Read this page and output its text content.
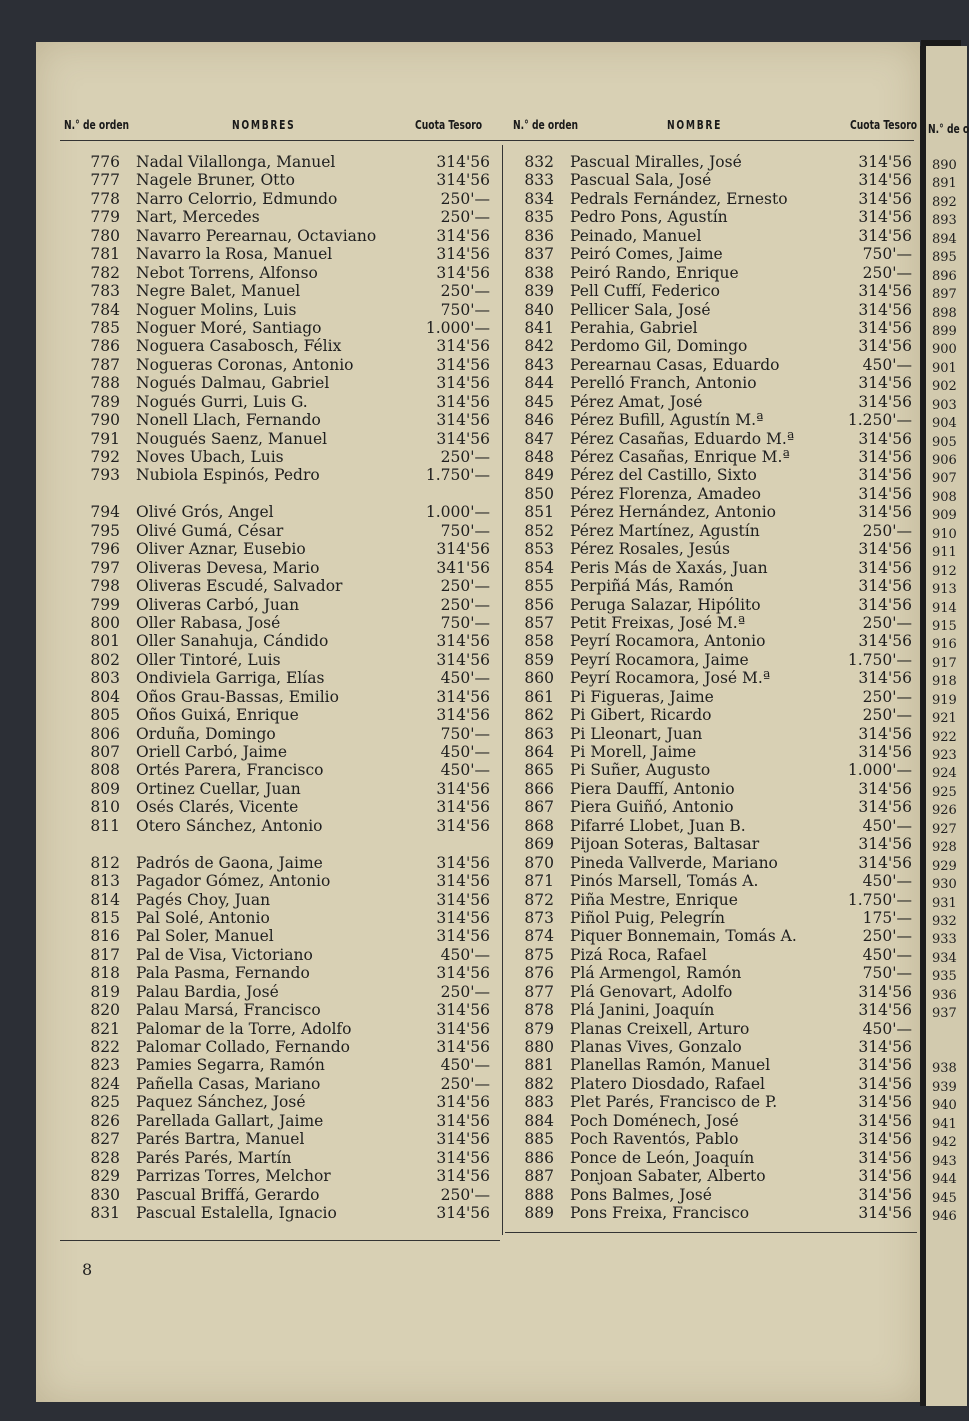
N.° de o
890
891
892
893
894
895
896
897
898
899
900
901
902
903
904
905
906
907
908
909
910
911
912
913
914
915
916
917
918
919
921
922
923
924
925
926
927
928
929
930
931
932
933
934
935
936
937
938
939
940
941
942
943
944
945
946
N.° de orden	NOMBRES	Cuota Tesoro	N.° de orden	NOMBRE	Cuota Tesoro
776 Nadal Vilallonga, Manuel	314'56
777 Nagele Bruner, Otto	314'56
778 Narro Celorrio, Edmundo	250'—
779 Nart, Mercedes	250'—
780 Navarro Perearnau, Octaviano	314'56
781 Navarro la Rosa, Manuel	314'56
782 Nebot Torrens, Alfonso	314'56
783 Negre Balet, Manuel	250'—
784 Noguer Molins, Luis	750'—
785 Noguer Moré, Santiago	1.000'—
786 Noguera Casabosch, Félix	314'56
787 Nogueras Coronas, Antonio	314'56
788 Nogués Dalmau, Gabriel	314'56
789 Nogués Gurri, Luis G.	314'56
790 Nonell Llach, Fernando	314'56
791 Nougués Saenz, Manuel	314'56
792 Noves Ubach, Luis	250'—
793 Nubiola Espinós, Pedro	1.750'—
794 Olivé Grós, Angel	1.000'—
795 Olivé Gumá, César	750'—
796 Oliver Aznar, Eusebio	314'56
797 Oliveras Devesa, Mario	341'56
798 Oliveras Escudé, Salvador	250'—
799 Oliveras Carbó, Juan	250'—
800 Oller Rabasa, José	750'—
801 Oller Sanahuja, Cándido	314'56
802 Oller Tintoré, Luis	314'56
803 Ondiviela Garriga, Elías	450'—
804 Oños Grau-Bassas, Emilio	314'56
805 Oños Guixá, Enrique	314'56
806 Orduña, Domingo	750'—
807 Oriell Carbó, Jaime	450'—
808 Ortés Parera, Francisco	450'—
809 Ortinez Cuellar, Juan	314'56
810 Osés Clarés, Vicente	314'56
811 Otero Sánchez, Antonio	314'56
812 Padrós de Gaona, Jaime	314'56
813 Pagador Gómez, Antonio	314'56
814 Pagés Choy, Juan	314'56
815 Pal Solé, Antonio	314'56
816 Pal Soler, Manuel	314'56
817 Pal de Visa, Victoriano	450'—
818 Pala Pasma, Fernando	314'56
819 Palau Bardia, José	250'—
820 Palau Marsá, Francisco	314'56
821 Palomar de la Torre, Adolfo	314'56
822 Palomar Collado, Fernando	314'56
823 Pamies Segarra, Ramón	450'—
824 Pañella Casas, Mariano	250'—
825 Paquez Sánchez, José	314'56
826 Parellada Gallart, Jaime	314'56
827 Parés Bartra, Manuel	314'56
828 Parés Parés, Martín	314'56
829 Parrizas Torres, Melchor	314'56
830 Pascual Briffá, Gerardo	250'—
831 Pascual Estalella, Ignacio	314'56
832 Pascual Miralles, José	314'56
833 Pascual Sala, José	314'56
834 Pedrals Fernández, Ernesto	314'56
835 Pedro Pons, Agustín	314'56
836 Peinado, Manuel	314'56
837 Peiró Comes, Jaime	750'—
838 Peiró Rando, Enrique	250'—
839 Pell Cuffí, Federico	314'56
840 Pellicer Sala, José	314'56
841 Perahia, Gabriel	314'56
842 Perdomo Gil, Domingo	314'56
843 Perearnau Casas, Eduardo	450'—
844 Perelló Franch, Antonio	314'56
845 Pérez Amat, José	314'56
846 Pérez Bufill, Agustín M.ª	1.250'—
847 Pérez Casañas, Eduardo M.ª	314'56
848 Pérez Casañas, Enrique M.ª	314'56
849 Pérez del Castillo, Sixto	314'56
850 Pérez Florenza, Amadeo	314'56
851 Pérez Hernández, Antonio	314'56
852 Pérez Martínez, Agustín	250'—
853 Pérez Rosales, Jesús	314'56
854 Peris Más de Xaxás, Juan	314'56
855 Perpiñá Más, Ramón	314'56
856 Peruga Salazar, Hipólito	314'56
857 Petit Freixas, José M.ª	250'—
858 Peyrí Rocamora, Antonio	314'56
859 Peyrí Rocamora, Jaime	1.750'—
860 Peyrí Rocamora, José M.ª	314'56
861 Pi Figueras, Jaime	250'—
862 Pi Gibert, Ricardo	250'—
863 Pi Lleonart, Juan	314'56
864 Pi Morell, Jaime	314'56
865 Pi Suñer, Augusto	1.000'—
866 Piera Dauffí, Antonio	314'56
867 Piera Guiñó, Antonio	314'56
868 Pifarré Llobet, Juan B.	450'—
869 Pijoan Soteras, Baltasar	314'56
870 Pineda Vallverde, Mariano	314'56
871 Pinós Marsell, Tomás A.	450'—
872 Piña Mestre, Enrique	1.750'—
873 Piñol Puig, Pelegrín	175'—
874 Piquer Bonnemain, Tomás A.	250'—
875 Pizá Roca, Rafael	450'—
876 Plá Armengol, Ramón	750'—
877 Plá Genovart, Adolfo	314'56
878 Plá Janini, Joaquín	314'56
879 Planas Creixell, Arturo	450'—
880 Planas Vives, Gonzalo	314'56
881 Planellas Ramón, Manuel	314'56
882 Platero Diosdado, Rafael	314'56
883 Plet Parés, Francisco de P.	314'56
884 Poch Doménech, José	314'56
885 Poch Raventós, Pablo	314'56
886 Ponce de León, Joaquín	314'56
887 Ponjoan Sabater, Alberto	314'56
888 Pons Balmes, José	314'56
889 Pons Freixa, Francisco	314'56
8
